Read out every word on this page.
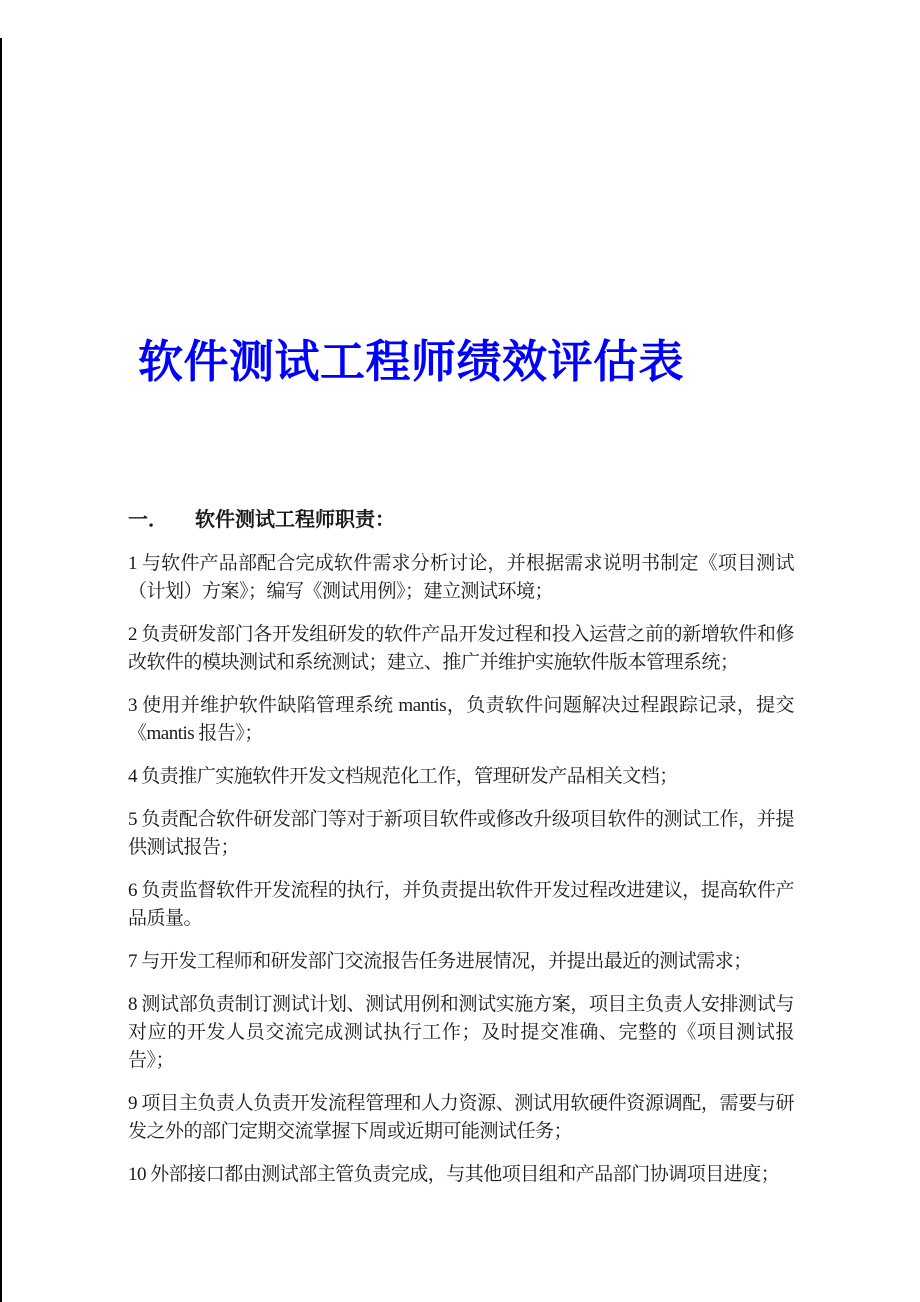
软件测试工程师绩效评估表
一． 软件测试工程师职责：

1 与软件产品部配合完成软件需求分析讨论，并根据需求说明书制定《项目测试（计划）方案》；编写《测试用例》；建立测试环境；

2 负责研发部门各开发组研发的软件产品开发过程和投入运营之前的新增软件和修改软件的模块测试和系统测试；建立、推广并维护实施软件版本管理系统；

3 使用并维护软件缺陷管理系统 mantis，负责软件问题解决过程跟踪记录，提交《mantis 报告》；

4 负责推广实施软件开发文档规范化工作，管理研发产品相关文档；

5 负责配合软件研发部门等对于新项目软件或修改升级项目软件的测试工作，并提供测试报告；

6 负责监督软件开发流程的执行，并负责提出软件开发过程改进建议，提高软件产品质量。

7 与开发工程师和研发部门交流报告任务进展情况，并提出最近的测试需求；

8 测试部负责制订测试计划、测试用例和测试实施方案，项目主负责人安排测试与对应的开发人员交流完成测试执行工作；及时提交准确、完整的《项目测试报告》；

9 项目主负责人负责开发流程管理和人力资源、测试用软硬件资源调配，需要与研发之外的部门定期交流掌握下周或近期可能测试任务；

10 外部接口都由测试部主管负责完成，与其他项目组和产品部门协调项目进度；
